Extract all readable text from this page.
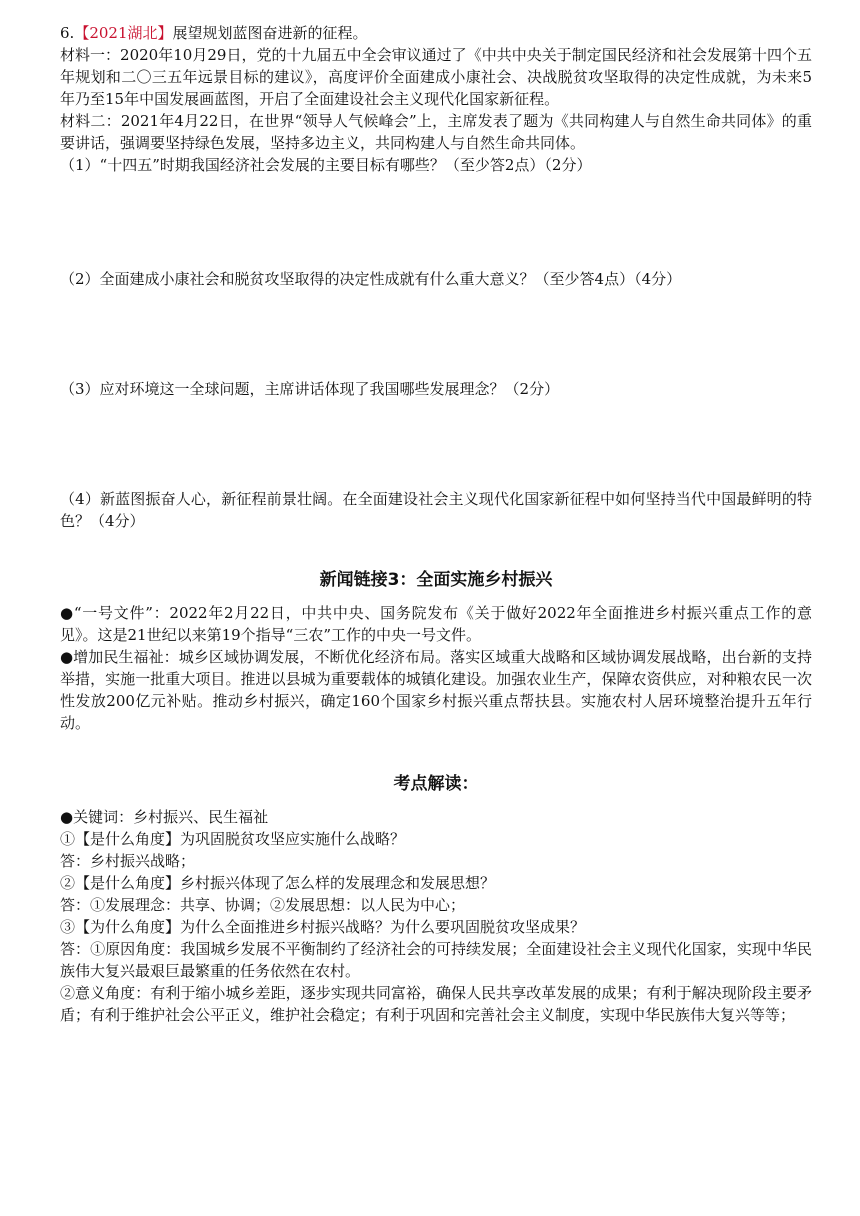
6.【2021湖北】展望规划蓝图奋进新的征程。

材料一：2020年10月29日，党的十九届五中全会审议通过了《中共中央关于制定国民经济和社会发展第十四个五年规划和二〇三五年远景目标的建议》，高度评价全面建成小康社会、决战脱贫攻坚取得的决定性成就，为未来5年乃至15年中国发展画蓝图，开启了全面建设社会主义现代化国家新征程。

材料二：2021年4月22日，在世界“领导人气候峰会”上，主席发表了题为《共同构建人与自然生命共同体》的重要讲话，强调要坚持绿色发展，坚持多边主义，共同构建人与自然生命共同体。

（1）“十四五”时期我国经济社会发展的主要目标有哪些？（至少答2点）（2分）

（2）全面建成小康社会和脱贫攻坚取得的决定性成就有什么重大意义？（至少答4点）（4分）

（3）应对环境这一全球问题，主席讲话体现了我国哪些发展理念？（2分）

（4）新蓝图振奋人心，新征程前景壮阔。在全面建设社会主义现代化国家新征程中如何坚持当代中国最鲜明的特色？（4分）

新闻链接3：全面实施乡村振兴

●“一号文件”：2022年2月22日，中共中央、国务院发布《关于做好2022年全面推进乡村振兴重点工作的意见》。这是21世纪以来第19个指导“三农”工作的中央一号文件。

●增加民生福祉：城乡区域协调发展，不断优化经济布局。落实区域重大战略和区域协调发展战略，出台新的支持举措，实施一批重大项目。推进以县城为重要载体的城镇化建设。加强农业生产，保障农资供应，对种粮农民一次性发放200亿元补贴。推动乡村振兴，确定160个国家乡村振兴重点帮扶县。实施农村人居环境整治提升五年行动。

考点解读：

●关键词：乡村振兴、民生福祉

①【是什么角度】为巩固脱贫攻坚应实施什么战略？

答：乡村振兴战略；

②【是什么角度】乡村振兴体现了怎么样的发展理念和发展思想？

答：①发展理念：共享、协调；②发展思想：以人民为中心；

③【为什么角度】为什么全面推进乡村振兴战略？为什么要巩固脱贫攻坚成果？

答：①原因角度：我国城乡发展不平衡制约了经济社会的可持续发展；全面建设社会主义现代化国家，实现中华民族伟大复兴最艰巨最繁重的任务依然在农村。

②意义角度：有利于缩小城乡差距，逐步实现共同富裕，确保人民共享改革发展的成果；有利于解决现阶段主要矛盾；有利于维护社会公平正义，维护社会稳定；有利于巩固和完善社会主义制度，实现中华民族伟大复兴等等；
